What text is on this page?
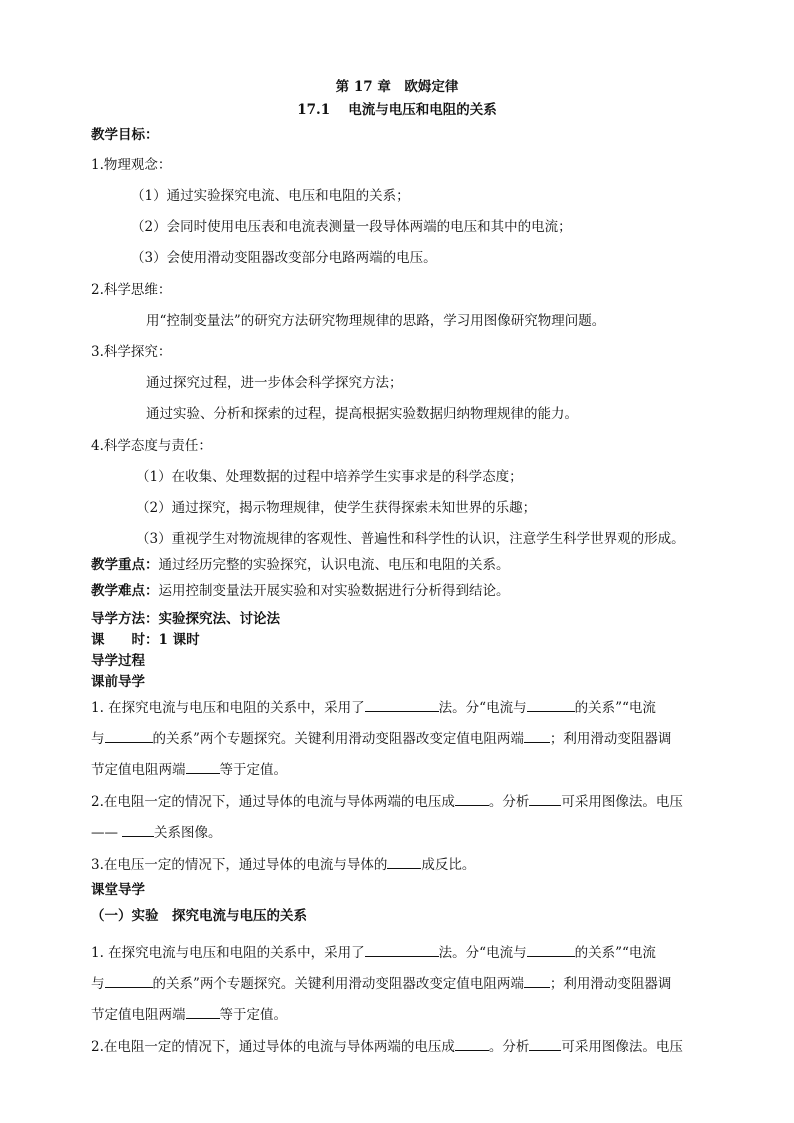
第 17 章　欧姆定律
17.1　 电流与电压和电阻的关系
教学目标：
1.物理观念：
（1）通过实验探究电流、电压和电阻的关系；
（2）会同时使用电压表和电流表测量一段导体两端的电压和其中的电流；
（3）会使用滑动变阻器改变部分电路两端的电压。
2.科学思维：
用“控制变量法”的研究方法研究物理规律的思路，学习用图像研究物理问题。
3.科学探究：
通过探究过程，进一步体会科学探究方法；
通过实验、分析和探索的过程，提高根据实验数据归纳物理规律的能力。
4.科学态度与责任：
（1）在收集、处理数据的过程中培养学生实事求是的科学态度；
（2）通过探究，揭示物理规律，使学生获得探索未知世界的乐趣；
（3）重视学生对物流规律的客观性、普遍性和科学性的认识，注意学生科学世界观的形成。
教学重点：通过经历完整的实验探究，认识电流、电压和电阻的关系。
教学难点：运用控制变量法开展实验和对实验数据进行分析得到结论。
导学方法：实验探究法、讨论法
课　　时：1 课时
导学过程
课前导学
1. 在探究电流与电压和电阻的关系中，采用了	法。分“电流与	的关系”“电流
与	的关系”两个专题探究。关键利用滑动变阻器改变定值电阻两端 ；利用滑动变阻器调
节定值电阻两端	等于定值。
2.在电阻一定的情况下，通过导体的电流与导体两端的电压成	。分析 可采用图像法。电压
——	关系图像。
3.在电压一定的情况下，通过导体的电流与导体的	成反比。
课堂导学
（一）实验　探究电流与电压的关系
1. 在探究电流与电压和电阻的关系中，采用了	法。分“电流与	的关系”“电流
与	的关系”两个专题探究。关键利用滑动变阻器改变定值电阻两端 ；利用滑动变阻器调
节定值电阻两端	等于定值。
2.在电阻一定的情况下，通过导体的电流与导体两端的电压成	。分析 可采用图像法。电压
